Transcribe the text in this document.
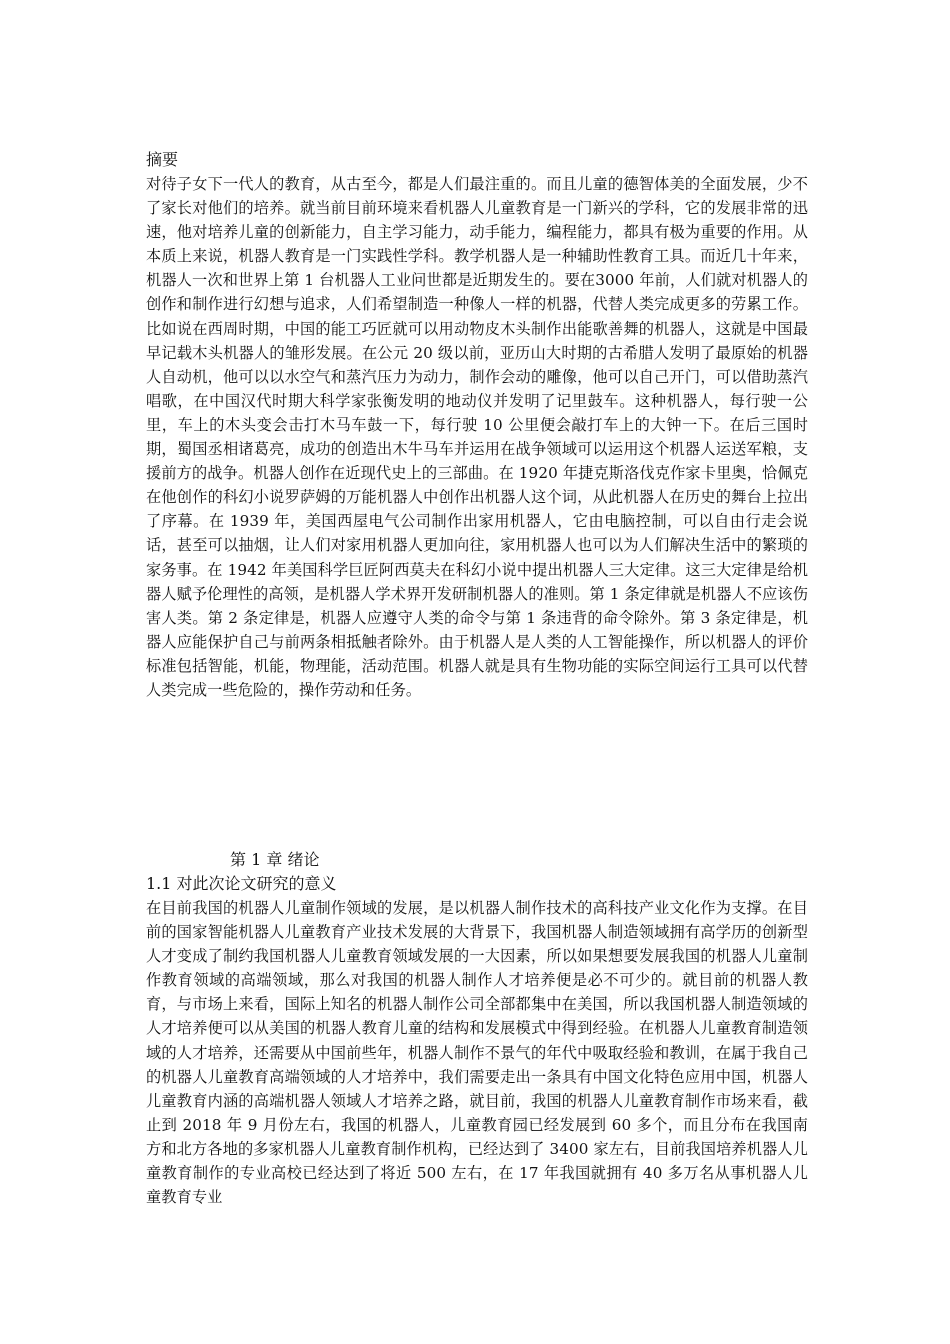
摘要

对待子女下一代人的教育，从古至今，都是人们最注重的。而且儿童的德智体美的全面发展，少不了家长对他们的培养。就当前目前环境来看机器人儿童教育是一门新兴的学科，它的发展非常的迅速，他对培养儿童的创新能力，自主学习能力，动手能力，编程能力，都具有极为重要的作用。从本质上来说，机器人教育是一门实践性学科。教学机器人是一种辅助性教育工具。而近几十年来，机器人一次和世界上第 1 台机器人工业问世都是近期发生的。要在3000 年前，人们就对机器人的创作和制作进行幻想与追求，人们希望制造一种像人一样的机器，代替人类完成更多的劳累工作。比如说在西周时期，中国的能工巧匠就可以用动物皮木头制作出能歌善舞的机器人，这就是中国最早记载木头机器人的雏形发展。在公元 20 级以前，亚历山大时期的古希腊人发明了最原始的机器人自动机，他可以以水空气和蒸汽压力为动力，制作会动的雕像，他可以自己开门，可以借助蒸汽唱歌，在中国汉代时期大科学家张衡发明的地动仪并发明了记里鼓车。这种机器人，每行驶一公里，车上的木头变会击打木马车鼓一下，每行驶 10 公里便会敲打车上的大钟一下。在后三国时期，蜀国丞相诸葛亮，成功的创造出木牛马车并运用在战争领域可以运用这个机器人运送军粮，支援前方的战争。机器人创作在近现代史上的三部曲。在 1920 年捷克斯洛伐克作家卡里奥，恰佩克在他创作的科幻小说罗萨姆的万能机器人中创作出机器人这个词，从此机器人在历史的舞台上拉出了序幕。在 1939 年，美国西屋电气公司制作出家用机器人，它由电脑控制，可以自由行走会说话，甚至可以抽烟，让人们对家用机器人更加向往，家用机器人也可以为人们解决生活中的繁琐的家务事。在 1942 年美国科学巨匠阿西莫夫在科幻小说中提出机器人三大定律。这三大定律是给机器人赋予伦理性的高领，是机器人学术界开发研制机器人的准则。第 1 条定律就是机器人不应该伤害人类。第 2 条定律是，机器人应遵守人类的命令与第 1 条违背的命令除外。第 3 条定律是，机器人应能保护自己与前两条相抵触者除外。由于机器人是人类的人工智能操作，所以机器人的评价标准包括智能，机能，物理能，活动范围。机器人就是具有生物功能的实际空间运行工具可以代替人类完成一些危险的，操作劳动和任务。

第 1 章 绪论
1.1 对此次论文研究的意义

在目前我国的机器人儿童制作领域的发展，是以机器人制作技术的高科技产业文化作为支撑。在目前的国家智能机器人儿童教育产业技术发展的大背景下，我国机器人制造领域拥有高学历的创新型人才变成了制约我国机器人儿童教育领域发展的一大因素，所以如果想要发展我国的机器人儿童制作教育领域的高端领域，那么对我国的机器人制作人才培养便是必不可少的。就目前的机器人教育，与市场上来看，国际上知名的机器人制作公司全部都集中在美国，所以我国机器人制造领域的人才培养便可以从美国的机器人教育儿童的结构和发展模式中得到经验。在机器人儿童教育制造领域的人才培养，还需要从中国前些年，机器人制作不景气的年代中吸取经验和教训，在属于我自己的机器人儿童教育高端领域的人才培养中，我们需要走出一条具有中国文化特色应用中国，机器人儿童教育内涵的高端机器人领域人才培养之路，就目前，我国的机器人儿童教育制作市场来看，截止到 2018 年 9 月份左右，我国的机器人，儿童教育园已经发展到 60 多个，而且分布在我国南方和北方各地的多家机器人儿童教育制作机构，已经达到了 3400 家左右，目前我国培养机器人儿童教育制作的专业高校已经达到了将近 500 左右，在 17 年我国就拥有 40 多万名从事机器人儿童教育专业
